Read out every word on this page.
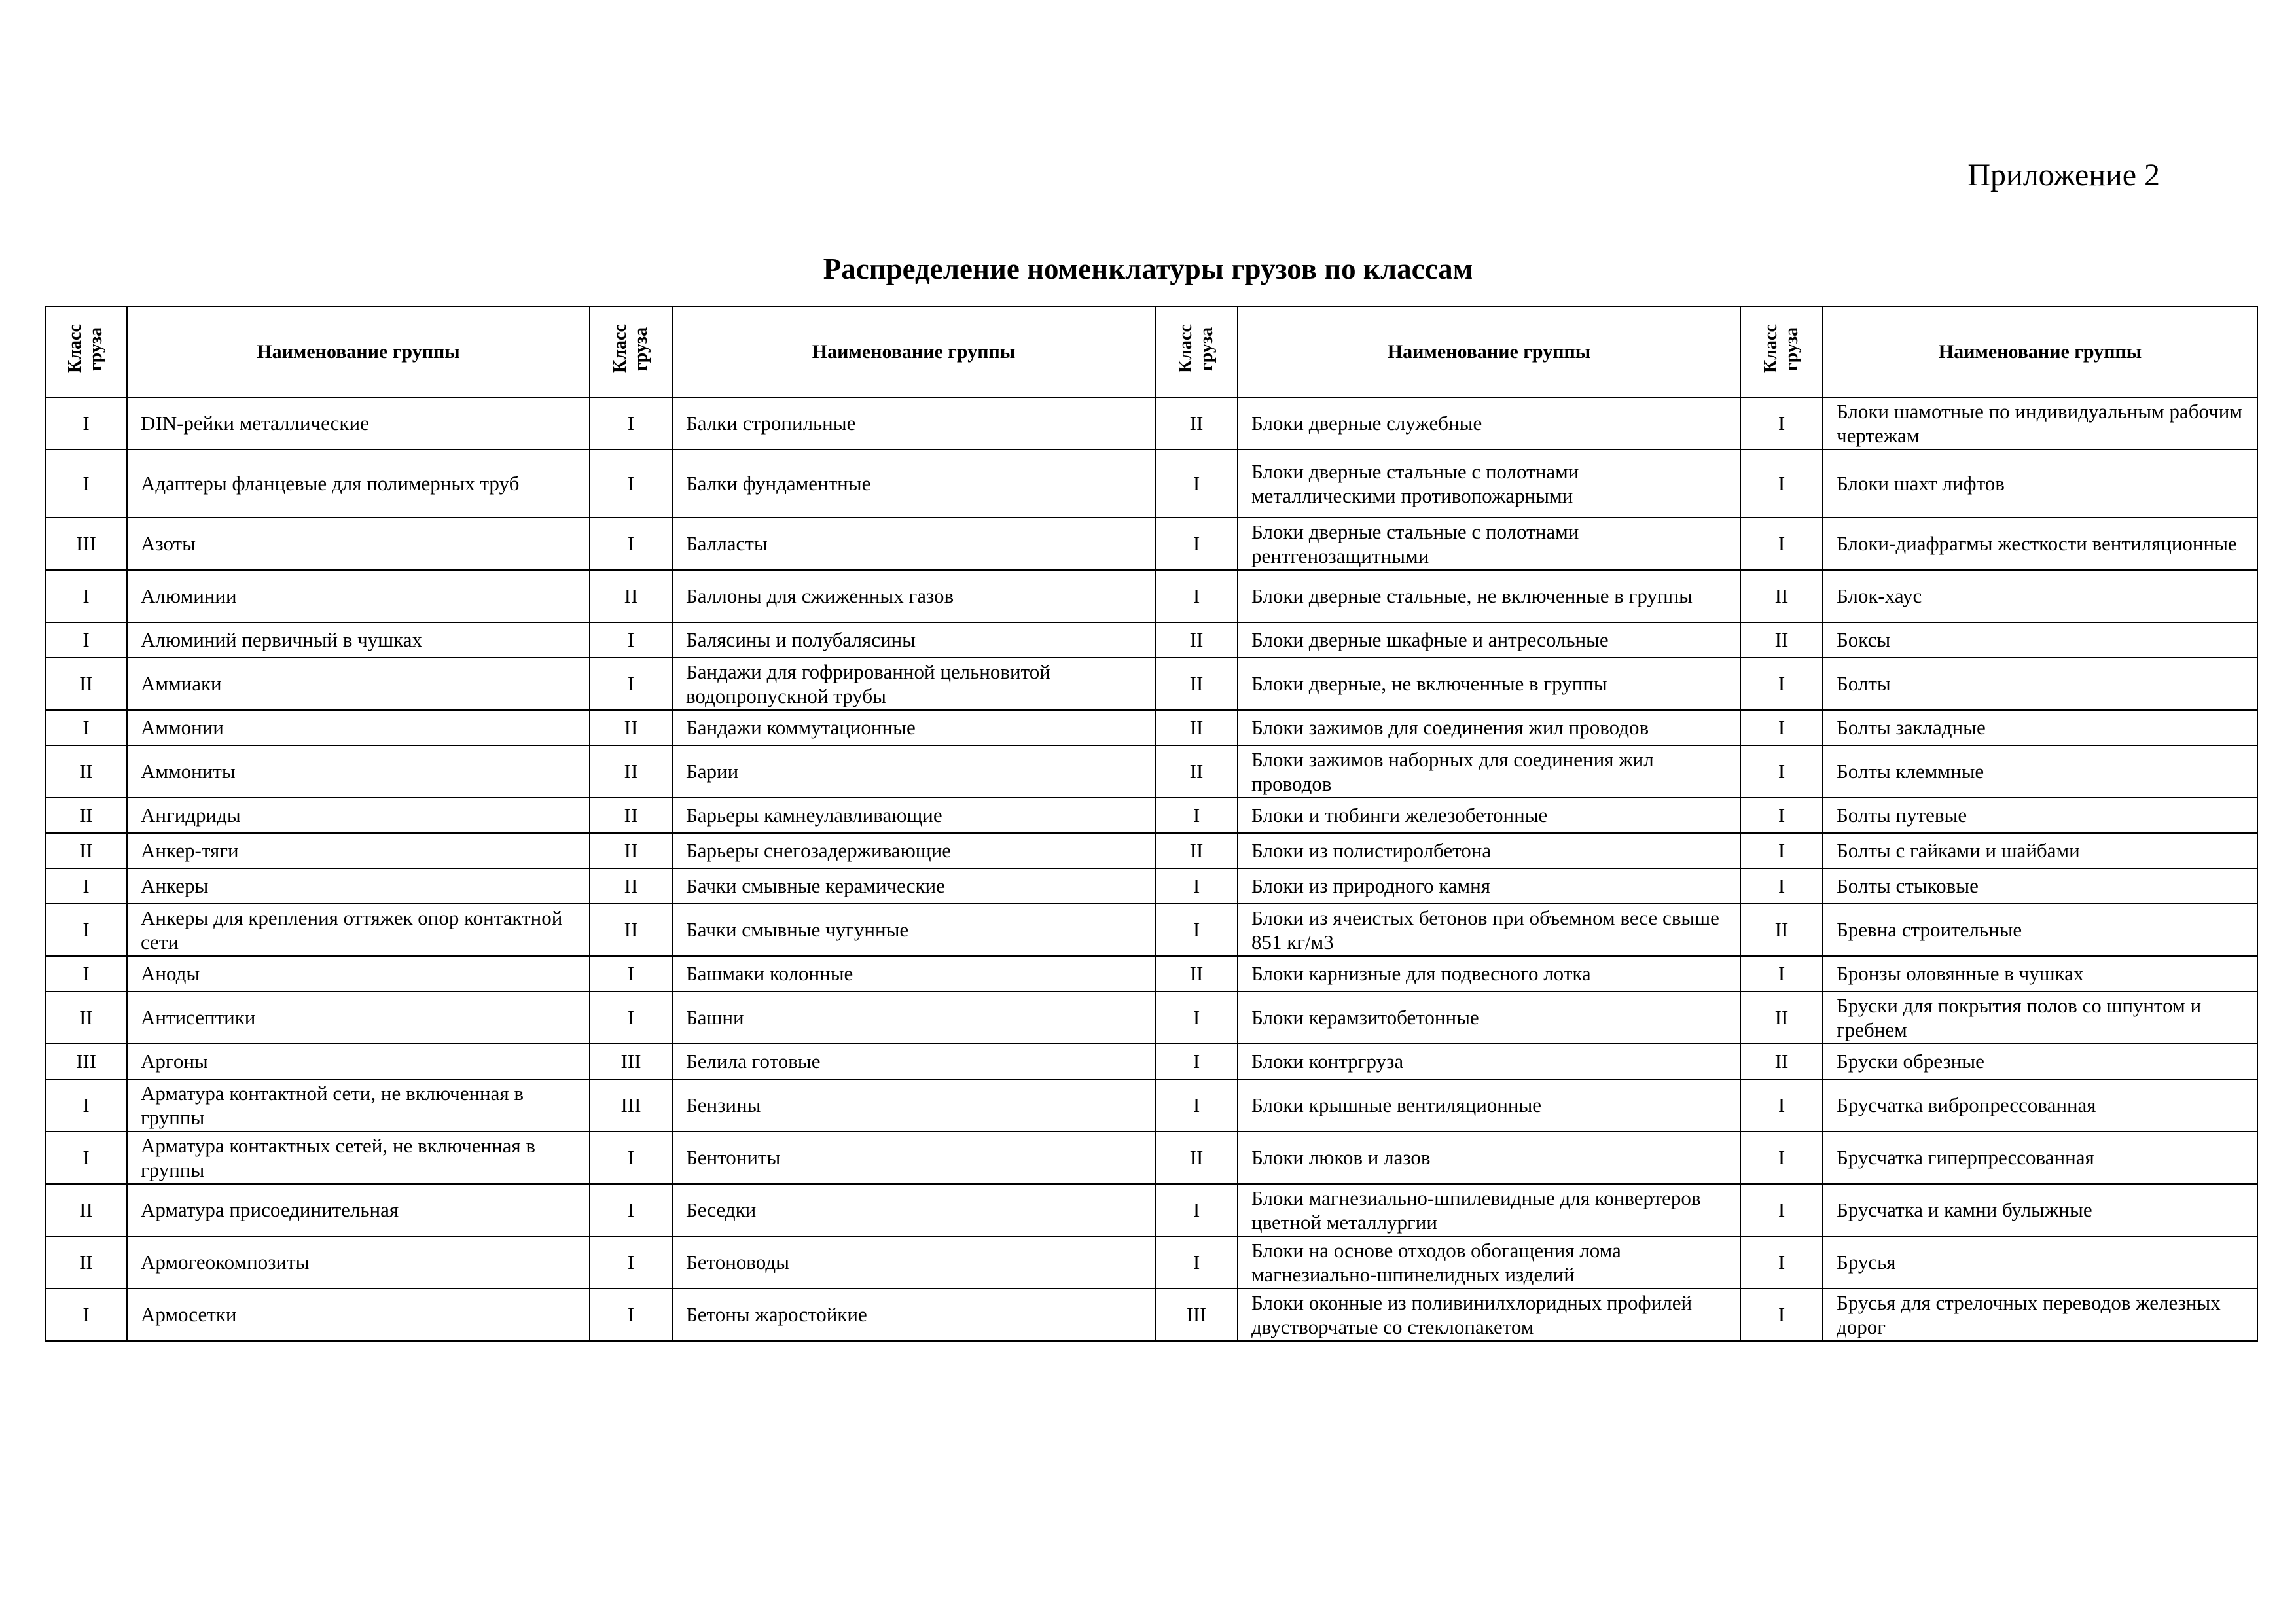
Приложение 2
Распределение номенклатуры грузов по классам
Класс груза	Наименование группы	Класс груза	Наименование группы	Класс груза	Наименование группы	Класс груза	Наименование группы
I	DIN-рейки металлические	I	Балки стропильные	II	Блоки дверные служебные	I	Блоки шамотные по индивидуальным рабочим чертежам
I	Адаптеры фланцевые для полимерных труб	I	Балки фундаментные	I	Блоки дверные стальные с полотнами металлическими противопожарными	I	Блоки шахт лифтов
III	Азоты	I	Балласты	I	Блоки дверные стальные с полотнами рентгенозащитными	I	Блоки-диафрагмы жесткости вентиляционные
I	Алюминии	II	Баллоны для сжиженных газов	I	Блоки дверные стальные, не включенные в группы	II	Блок-хаус
I	Алюминий первичный в чушках	I	Балясины и полубалясины	II	Блоки дверные шкафные и антресольные	II	Боксы
II	Аммиаки	I	Бандажи для гофрированной цельновитой водопропускной трубы	II	Блоки дверные, не включенные в группы	I	Болты
I	Аммонии	II	Бандажи коммутационные	II	Блоки зажимов для соединения жил проводов	I	Болты закладные
II	Аммониты	II	Барии	II	Блоки зажимов наборных для соединения жил проводов	I	Болты клеммные
II	Ангидриды	II	Барьеры камнеулавливающие	I	Блоки и тюбинги железобетонные	I	Болты путевые
II	Анкер-тяги	II	Барьеры снегозадерживающие	II	Блоки из полистиролбетона	I	Болты с гайками и шайбами
I	Анкеры	II	Бачки смывные керамические	I	Блоки из природного камня	I	Болты стыковые
I	Анкеры для крепления оттяжек опор контактной сети	II	Бачки смывные чугунные	I	Блоки из ячеистых бетонов при объемном весе свыше 851 кг/м3	II	Бревна строительные
I	Аноды	I	Башмаки колонные	II	Блоки карнизные для подвесного лотка	I	Бронзы оловянные в чушках
II	Антисептики	I	Башни	I	Блоки керамзитобетонные	II	Бруски для покрытия полов со шпунтом и гребнем
III	Аргоны	III	Белила готовые	I	Блоки контргруза	II	Бруски обрезные
I	Арматура контактной сети, не включенная в группы	III	Бензины	I	Блоки крышные вентиляционные	I	Брусчатка вибропрессованная
I	Арматура контактных сетей, не включенная в группы	I	Бентониты	II	Блоки люков и лазов	I	Брусчатка гиперпрессованная
II	Арматура присоединительная	I	Беседки	I	Блоки магнезиально-шпилевидные для конвертеров цветной металлургии	I	Брусчатка и камни булыжные
II	Армогеокомпозиты	I	Бетоноводы	I	Блоки на основе отходов обогащения лома магнезиально-шпинелидных изделий	I	Брусья
I	Армосетки	I	Бетоны жаростойкие	III	Блоки оконные из поливинилхлоридных профилей двустворчатые со стеклопакетом	I	Брусья для стрелочных переводов железных дорог
